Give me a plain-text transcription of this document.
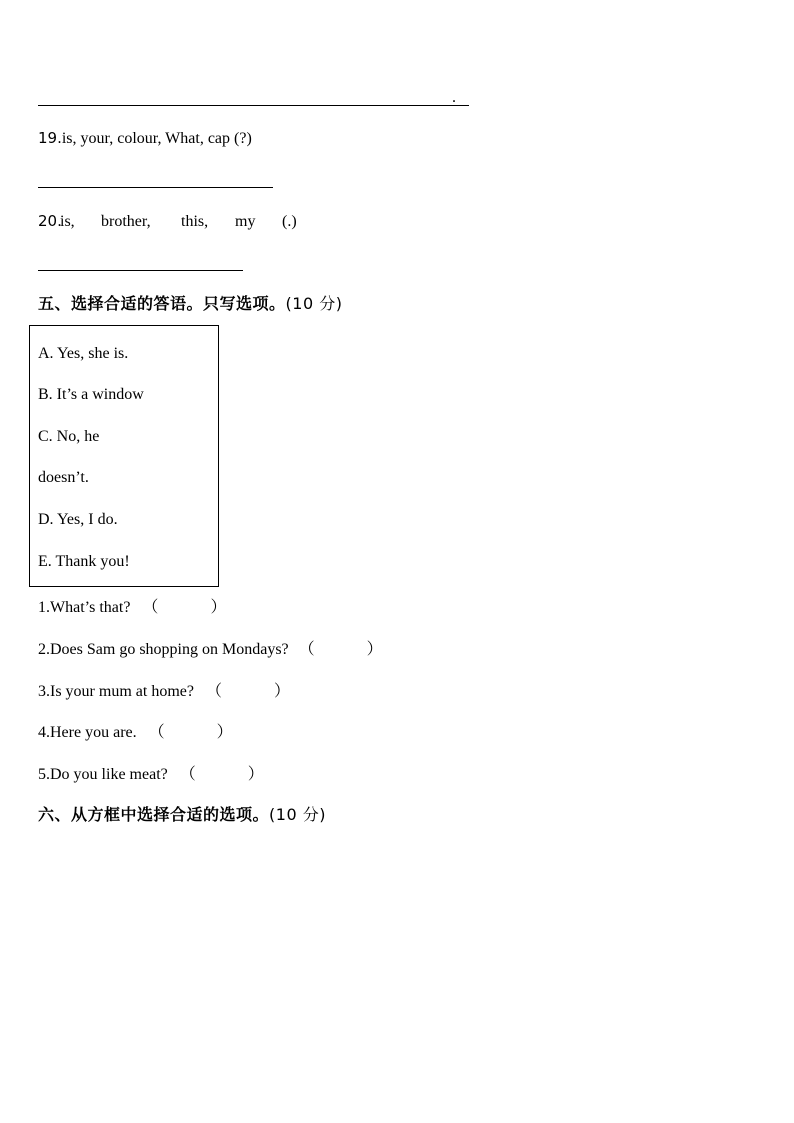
.
19.is, your, colour, What, cap (?)
20.
is, brother, this, my (.)
五、选择合适的答语。只写选项。(10 分)
A. Yes, she is.
B. It’s a window
C. No, he
doesn’t.
D. Yes, I do.
E. Thank you!
1.What’s that? （	）
2.Does Sam go shopping on Mondays? （	）
3.Is your mum at home? （	）
4.Here you are. （	）
5.Do you like meat? （	）
六、从方框中选择合适的选项。(10 分)
